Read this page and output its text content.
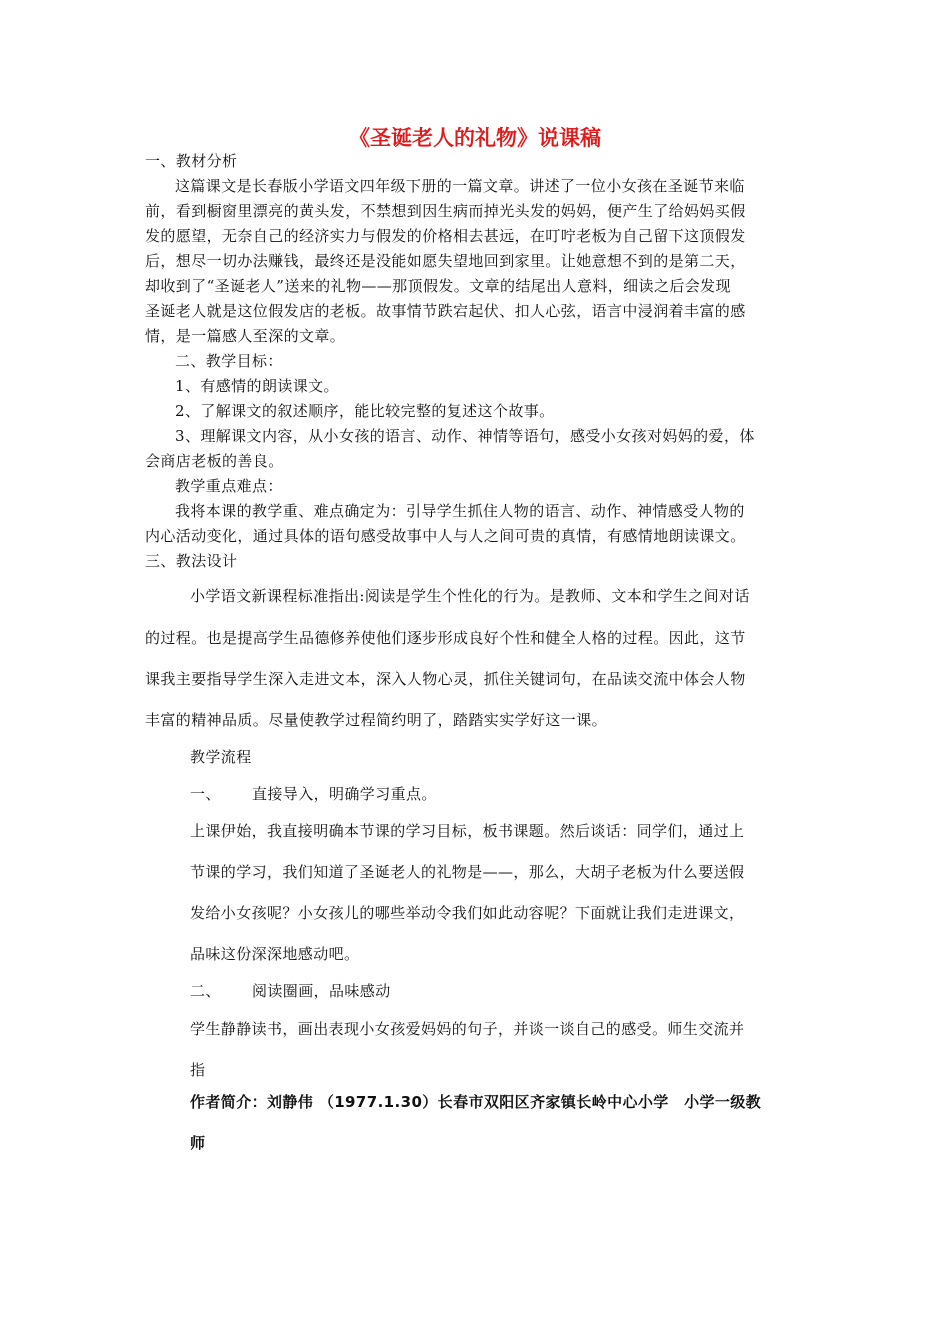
《圣诞老人的礼物》说课稿
一、教材分析
这篇课文是长春版小学语文四年级下册的一篇文章。讲述了一位小女孩在圣诞节来临
前，看到橱窗里漂亮的黄头发，不禁想到因生病而掉光头发的妈妈，便产生了给妈妈买假
发的愿望，无奈自己的经济实力与假发的价格相去甚远，在叮咛老板为自己留下这顶假发
后，想尽一切办法赚钱，最终还是没能如愿失望地回到家里。让她意想不到的是第二天，
却收到了“圣诞老人”送来的礼物——那顶假发。文章的结尾出人意料，细读之后会发现
圣诞老人就是这位假发店的老板。故事情节跌宕起伏、扣人心弦，语言中浸润着丰富的感
情，是一篇感人至深的文章。
二、教学目标：
1、有感情的朗读课文。
2、了解课文的叙述顺序，能比较完整的复述这个故事。
3、理解课文内容，从小女孩的语言、动作、神情等语句，感受小女孩对妈妈的爱，体
会商店老板的善良。
教学重点难点：
我将本课的教学重、难点确定为：引导学生抓住人物的语言、动作、神情感受人物的
内心活动变化，通过具体的语句感受故事中人与人之间可贵的真情，有感情地朗读课文。
三、教法设计
小学语文新课程标准指出:阅读是学生个性化的行为。是教师、文本和学生之间对话
的过程。也是提高学生品德修养使他们逐步形成良好个性和健全人格的过程。因此，这节
课我主要指导学生深入走进文本，深入人物心灵，抓住关键词句，在品读交流中体会人物
丰富的精神品质。尽量使教学过程简约明了，踏踏实实学好这一课。
教学流程
一、 直接导入，明确学习重点。
上课伊始，我直接明确本节课的学习目标，板书课题。然后谈话：同学们，通过上
节课的学习，我们知道了圣诞老人的礼物是——，那么，大胡子老板为什么要送假
发给小女孩呢？小女孩儿的哪些举动令我们如此动容呢？下面就让我们走进课文，
品味这份深深地感动吧。
二、 阅读圈画，品味感动
学生静静读书，画出表现小女孩爱妈妈的句子，并谈一谈自己的感受。师生交流并
指
作者简介：刘静伟 （1977.1.30）长春市双阳区齐家镇长岭中心小学　小学一级教
师
